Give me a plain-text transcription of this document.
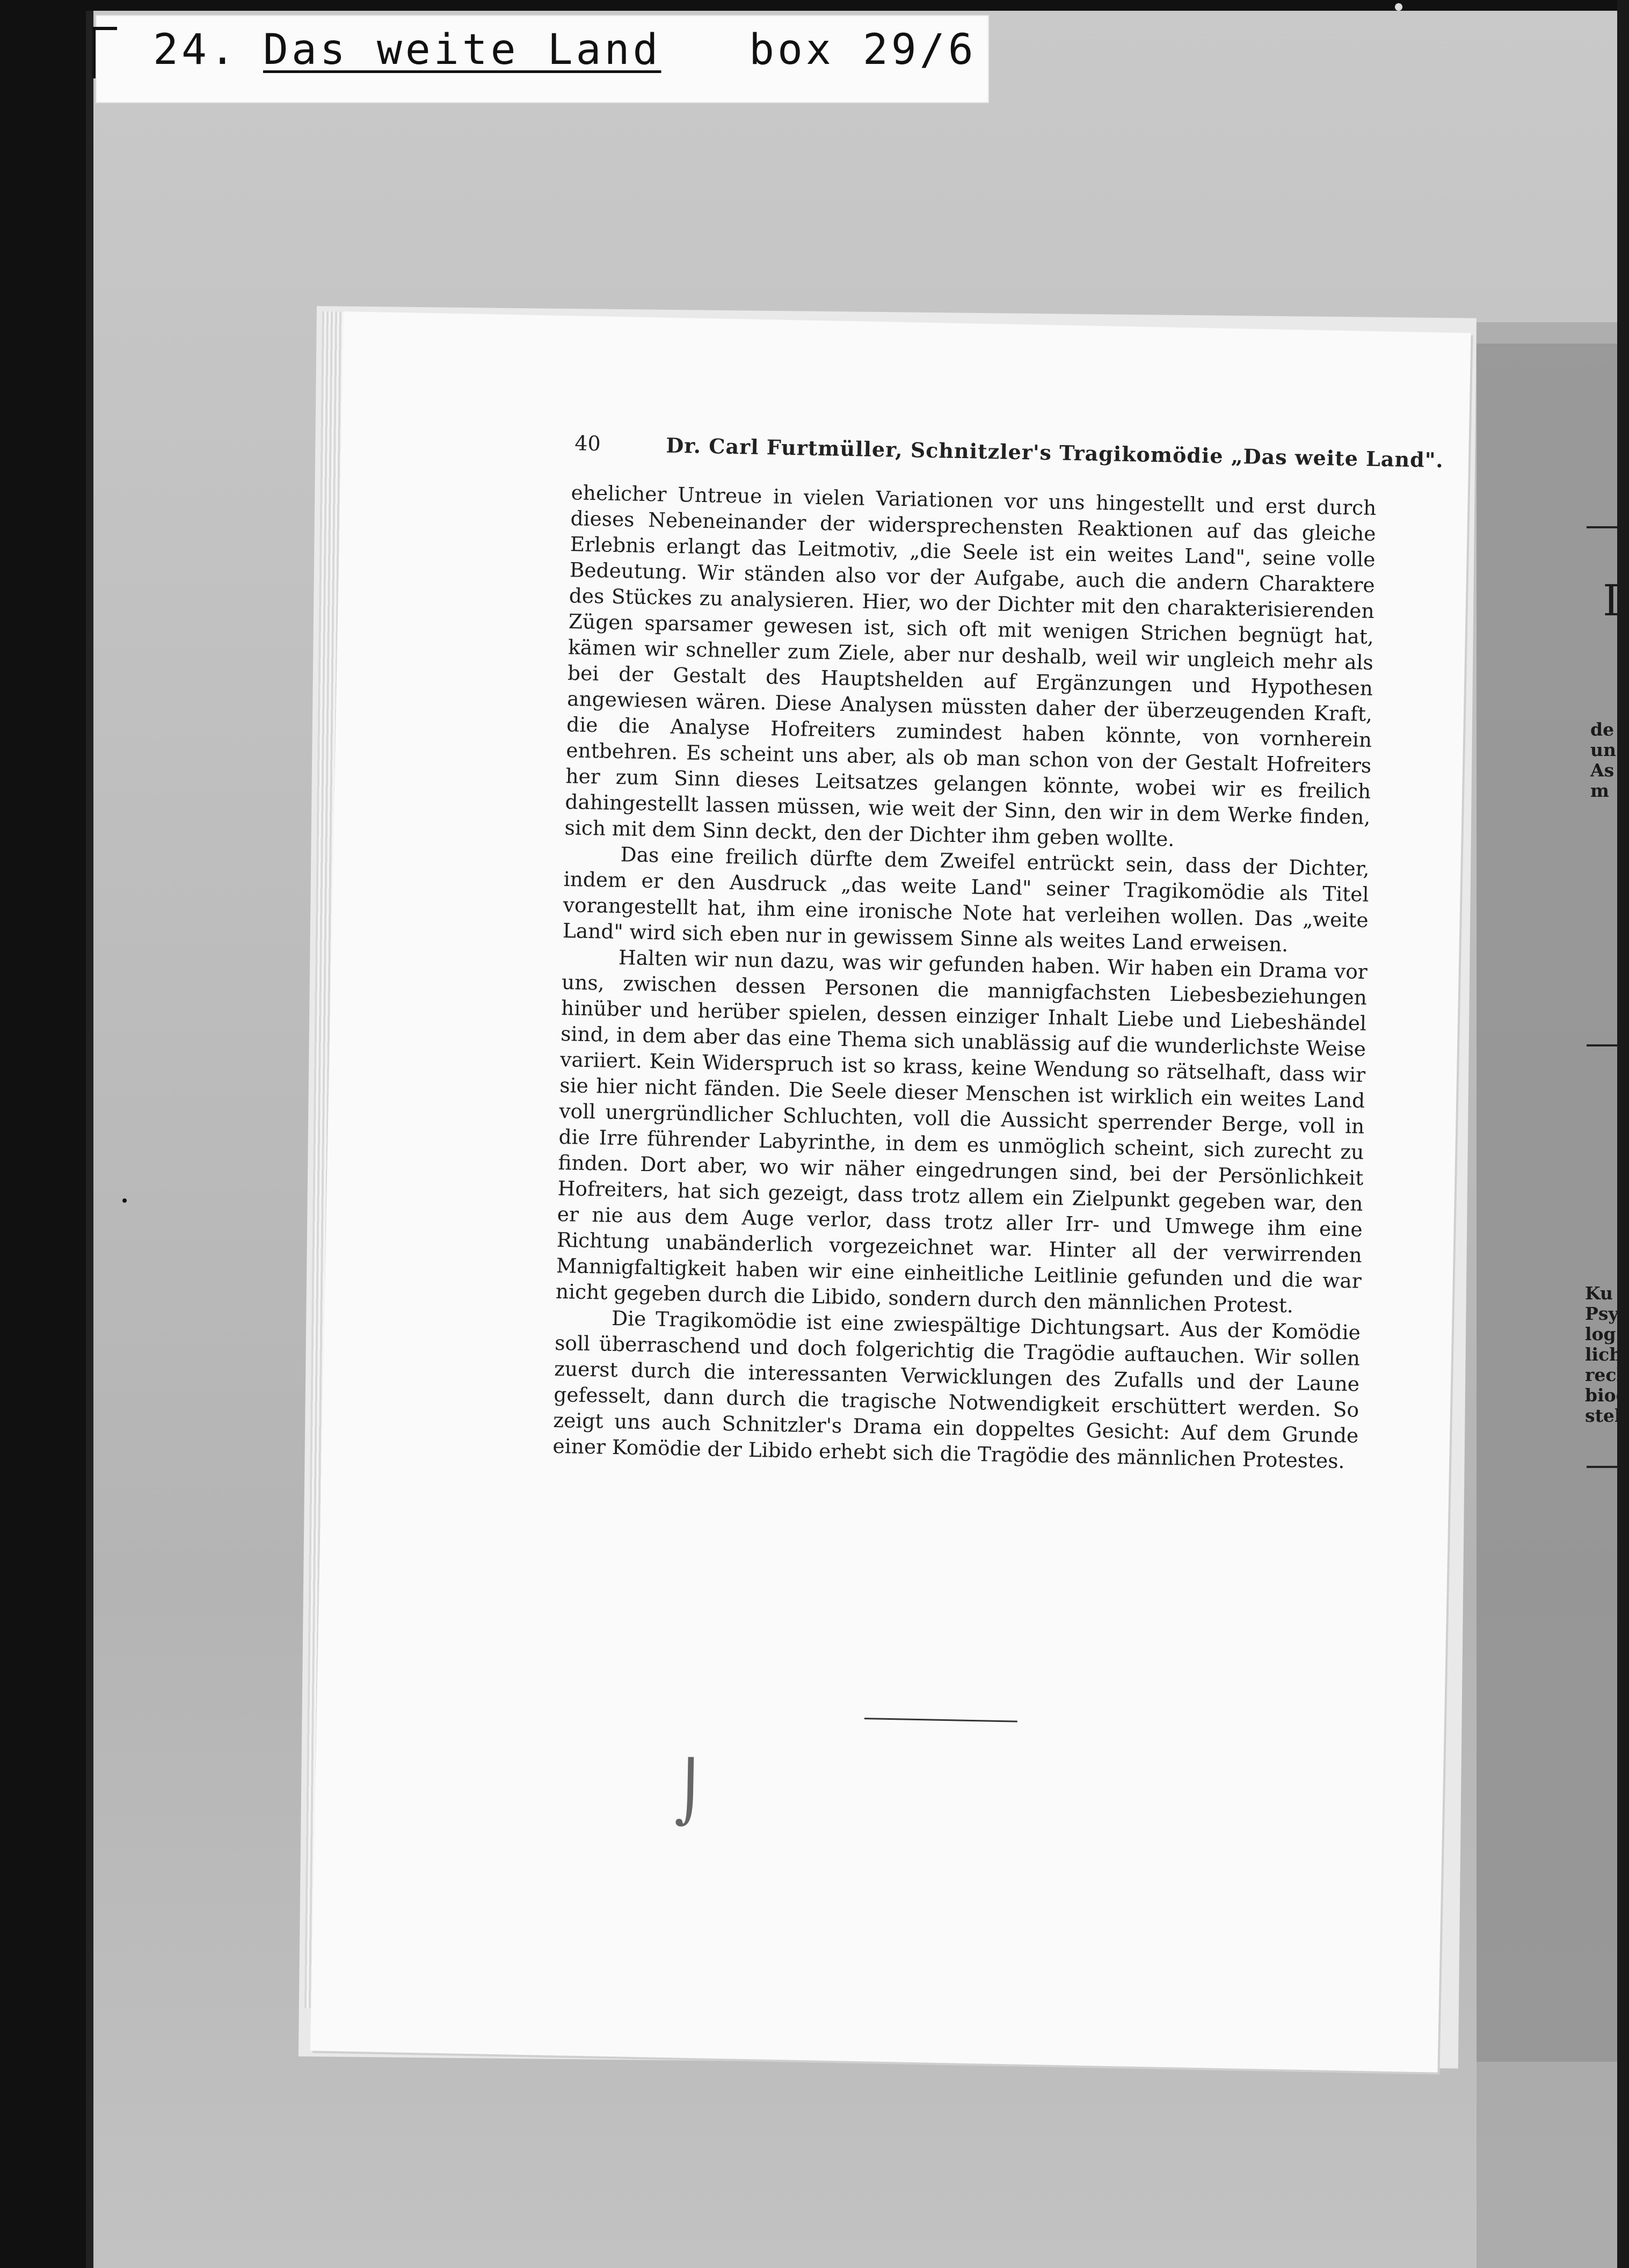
24. Das weite Land box 29/6
I
de
un
As
m
Ku
Psy
log
lich
rech
biog
stel
40	Dr. Carl Furtmüller, Schnitzler's Tragikomödie „Das weite Land".

ehelicher Untreue in vielen Variationen vor uns hingestellt und erst durch dieses Nebeneinander der widersprechensten Reaktionen auf das gleiche Erlebnis erlangt das Leitmotiv, „die Seele ist ein weites Land", seine volle Bedeutung. Wir ständen also vor der Aufgabe, auch die andern Charaktere des Stückes zu analysieren. Hier, wo der Dichter mit den charakterisierenden Zügen sparsamer gewesen ist, sich oft mit wenigen Strichen begnügt hat, kämen wir schneller zum Ziele, aber nur deshalb, weil wir ungleich mehr als bei der Gestalt des Hauptshelden auf Ergänzungen und Hypothesen angewiesen wären. Diese Analysen müssten daher der überzeugenden Kraft, die die Analyse Hofreiters zumindest haben könnte, von vornherein entbehren. Es scheint uns aber, als ob man schon von der Gestalt Hofreiters her zum Sinn dieses Leitsatzes gelangen könnte, wobei wir es freilich dahingestellt lassen müssen, wie weit der Sinn, den wir in dem Werke finden, sich mit dem Sinn deckt, den der Dichter ihm geben wollte.

Das eine freilich dürfte dem Zweifel entrückt sein, dass der Dichter, indem er den Ausdruck „das weite Land" seiner Tragikomödie als Titel vorangestellt hat, ihm eine ironische Note hat verleihen wollen. Das „weite Land" wird sich eben nur in gewissem Sinne als weites Land erweisen.

Halten wir nun dazu, was wir gefunden haben. Wir haben ein Drama vor uns, zwischen dessen Personen die mannigfachsten Liebesbeziehungen hinüber und herüber spielen, dessen einziger Inhalt Liebe und Liebeshändel sind, in dem aber das eine Thema sich unablässig auf die wunderlichste Weise variiert. Kein Widerspruch ist so krass, keine Wendung so rätselhaft, dass wir sie hier nicht fänden. Die Seele dieser Menschen ist wirklich ein weites Land voll unergründlicher Schluchten, voll die Aussicht sperrender Berge, voll in die Irre führender Labyrinthe, in dem es unmöglich scheint, sich zurecht zu finden. Dort aber, wo wir näher eingedrungen sind, bei der Persönlichkeit Hofreiters, hat sich gezeigt, dass trotz allem ein Zielpunkt gegeben war, den er nie aus dem Auge verlor, dass trotz aller Irr- und Umwege ihm eine Richtung unabänderlich vorgezeichnet war. Hinter all der verwirrenden Mannigfaltigkeit haben wir eine einheitliche Leitlinie gefunden und die war nicht gegeben durch die Libido, sondern durch den männlichen Protest.

Die Tragikomödie ist eine zwiespältige Dichtungsart. Aus der Komödie soll überraschend und doch folgerichtig die Tragödie auftauchen. Wir sollen zuerst durch die interessanten Verwicklungen des Zufalls und der Laune gefesselt, dann durch die tragische Notwendigkeit erschüttert werden. So zeigt uns auch Schnitzler's Drama ein doppeltes Gesicht: Auf dem Grunde einer Komödie der Libido erhebt sich die Tragödie des männlichen Protestes.

⌡
